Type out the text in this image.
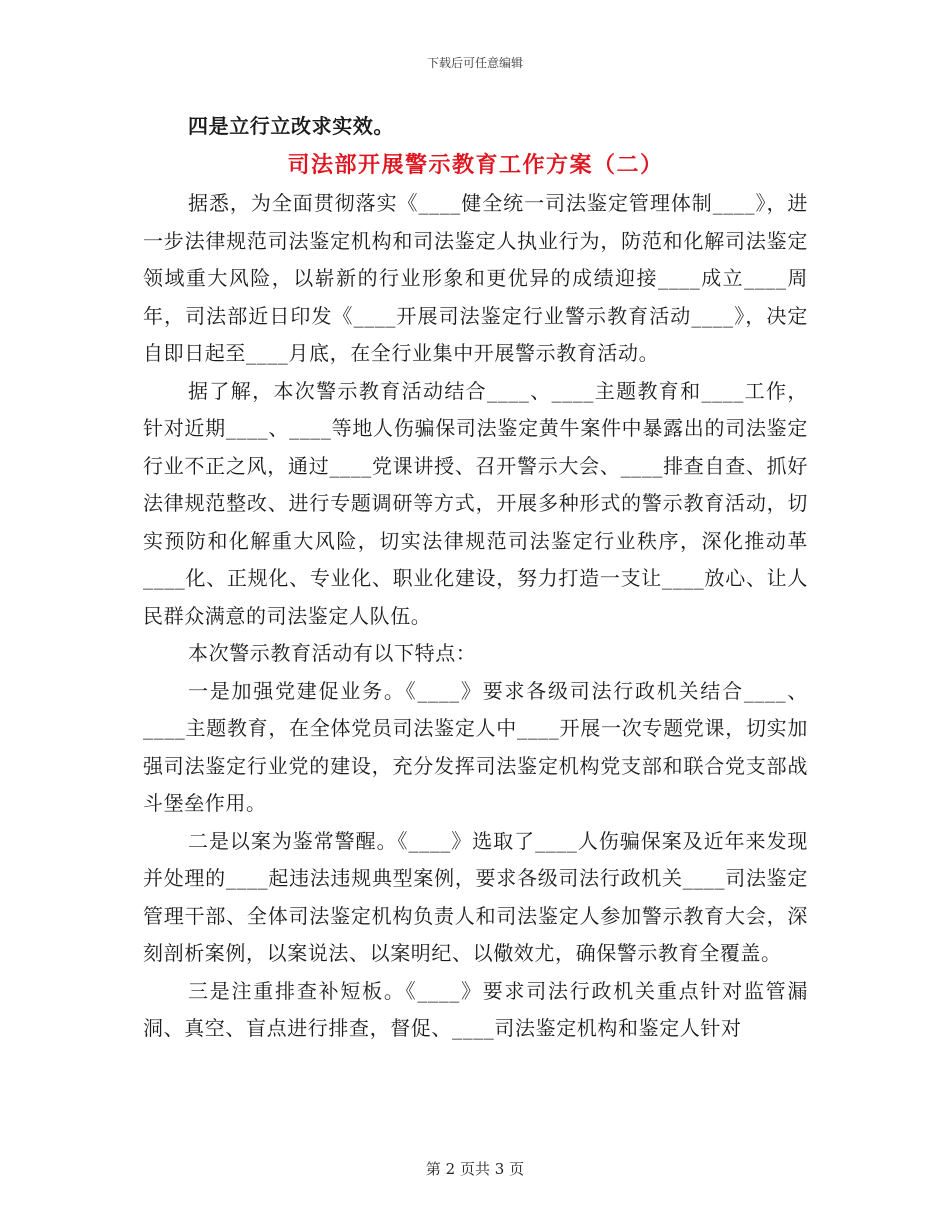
下载后可任意编辑
四是立行立改求实效。
司法部开展警示教育工作方案（二）

据悉，为全面贯彻落实《____健全统一司法鉴定管理体制____》，进一步法律规范司法鉴定机构和司法鉴定人执业行为，防范和化解司法鉴定领域重大风险，以崭新的行业形象和更优异的成绩迎接____成立____周年，司法部近日印发《____开展司法鉴定行业警示教育活动____》，决定自即日起至____月底，在全行业集中开展警示教育活动。

据了解，本次警示教育活动结合____、____主题教育和____工作，针对近期____、____等地人伤骗保司法鉴定黄牛案件中暴露出的司法鉴定行业不正之风，通过____党课讲授、召开警示大会、____排查自查、抓好法律规范整改、进行专题调研等方式，开展多种形式的警示教育活动，切实预防和化解重大风险，切实法律规范司法鉴定行业秩序，深化推动革____化、正规化、专业化、职业化建设，努力打造一支让____放心、让人民群众满意的司法鉴定人队伍。

本次警示教育活动有以下特点：

一是加强党建促业务。《____》要求各级司法行政机关结合____、____主题教育，在全体党员司法鉴定人中____开展一次专题党课，切实加强司法鉴定行业党的建设，充分发挥司法鉴定机构党支部和联合党支部战斗堡垒作用。

二是以案为鉴常警醒。《____》选取了____人伤骗保案及近年来发现并处理的____起违法违规典型案例，要求各级司法行政机关____司法鉴定管理干部、全体司法鉴定机构负责人和司法鉴定人参加警示教育大会，深刻剖析案例，以案说法、以案明纪、以儆效尤，确保警示教育全覆盖。

三是注重排查补短板。《____》要求司法行政机关重点针对监管漏洞、真空、盲点进行排查，督促、____司法鉴定机构和鉴定人针对

第 2 页共 3 页
